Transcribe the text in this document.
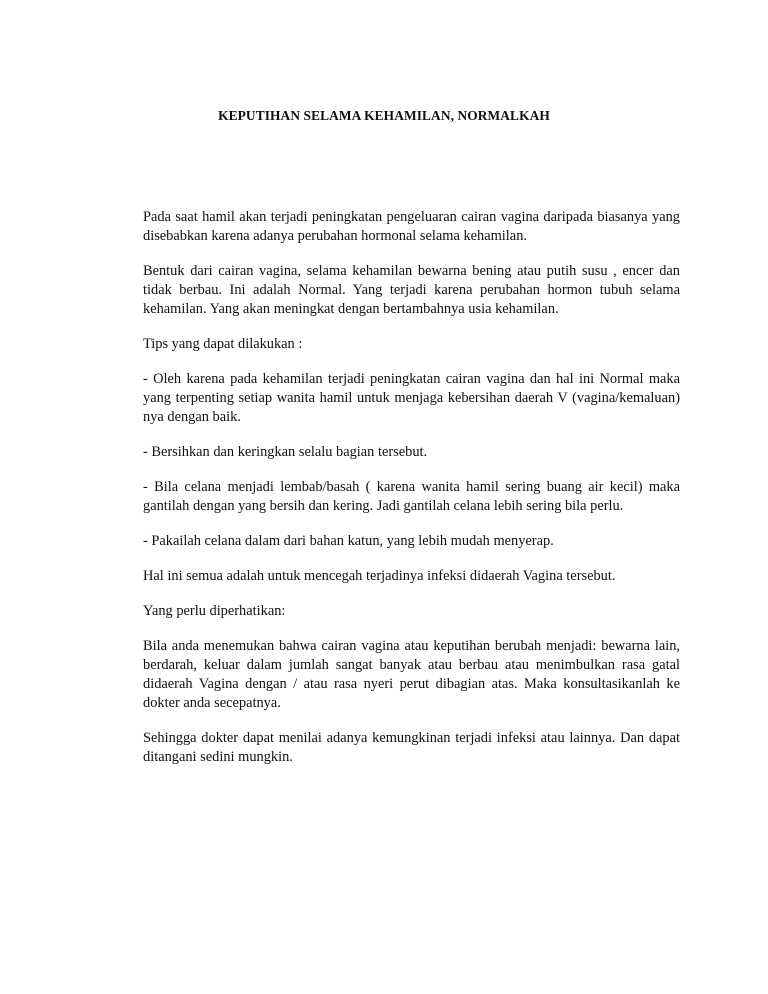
KEPUTIHAN SELAMA KEHAMILAN, NORMALKAH

Pada saat hamil akan terjadi peningkatan pengeluaran cairan vagina daripada biasanya yang disebabkan karena adanya perubahan hormonal selama kehamilan.

Bentuk dari cairan vagina, selama kehamilan bewarna bening atau putih susu , encer dan tidak berbau. Ini adalah Normal. Yang terjadi karena perubahan hormon tubuh selama kehamilan. Yang akan meningkat dengan bertambahnya usia kehamilan.

Tips yang dapat dilakukan :

- Oleh karena pada kehamilan terjadi peningkatan cairan vagina dan hal ini Normal maka yang terpenting setiap wanita hamil untuk menjaga kebersihan daerah V (vagina/kemaluan) nya dengan baik.

- Bersihkan dan keringkan selalu bagian tersebut.

- Bila celana menjadi lembab/basah ( karena wanita hamil sering buang air kecil) maka gantilah dengan yang bersih dan kering. Jadi gantilah celana lebih sering bila perlu.

- Pakailah celana dalam dari bahan katun, yang lebih mudah menyerap.

Hal ini semua adalah untuk mencegah terjadinya infeksi didaerah Vagina tersebut.

Yang perlu diperhatikan:

Bila anda menemukan bahwa cairan vagina atau keputihan berubah menjadi: bewarna lain, berdarah, keluar dalam jumlah sangat banyak atau berbau atau menimbulkan rasa gatal didaerah Vagina dengan / atau rasa nyeri perut dibagian atas. Maka konsultasikanlah ke dokter anda secepatnya.

Sehingga dokter dapat menilai adanya kemungkinan terjadi infeksi atau lainnya. Dan dapat ditangani sedini mungkin.
